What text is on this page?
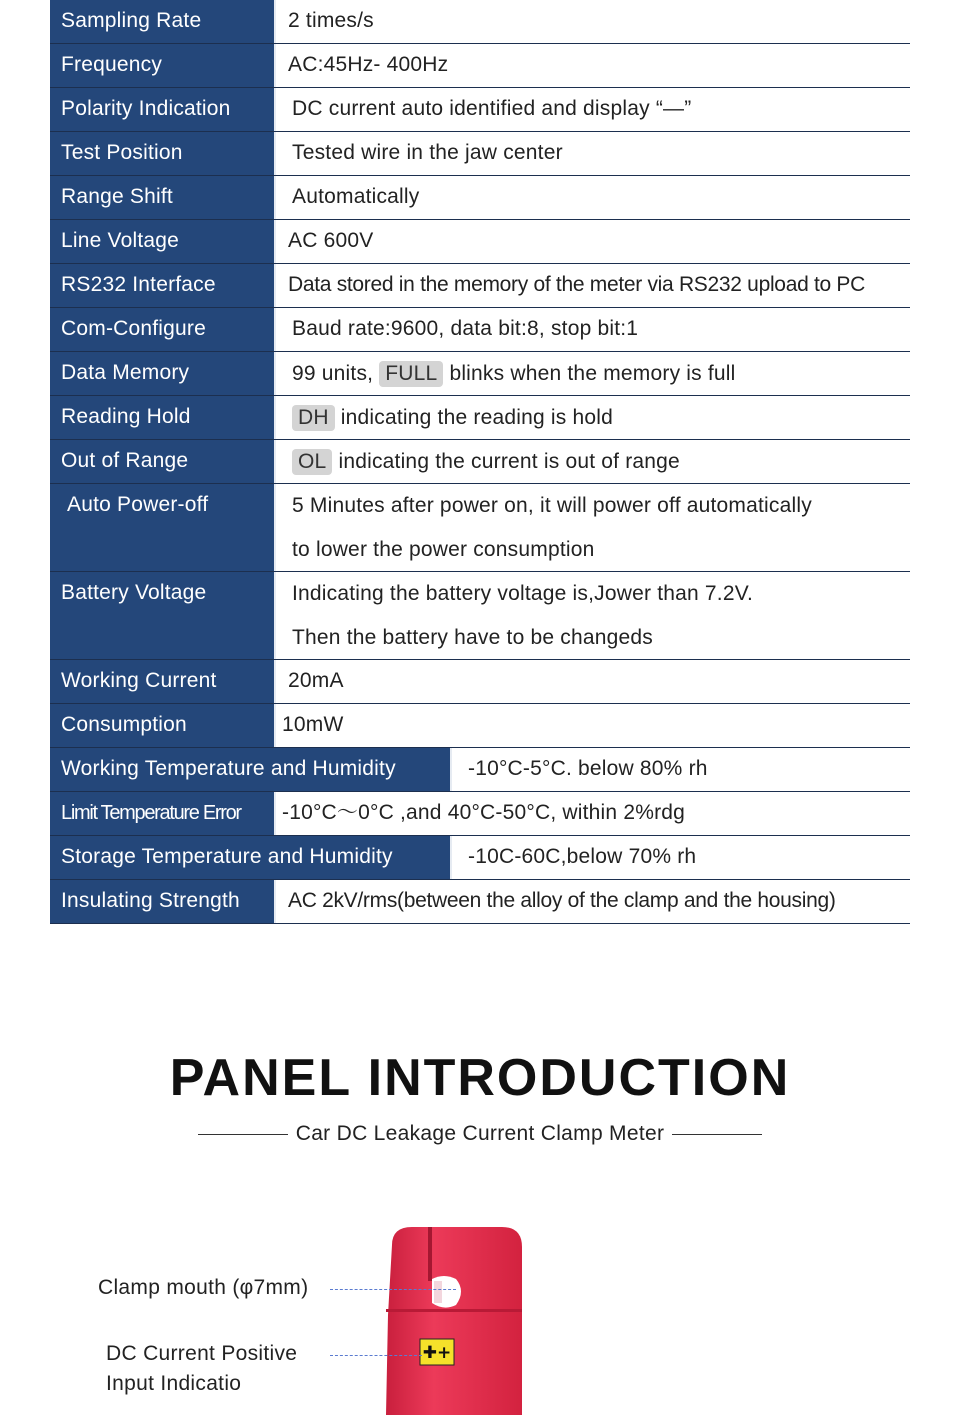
Sampling Rate	2 times/s
Frequency	AC:45Hz- 400Hz
Polarity Indication	DC current auto identified and display “—”
Test Position	Tested wire in the jaw center
Range Shift	Automatically
Line Voltage	AC 600V
RS232 Interface	Data stored in the memory of the meter via RS232 upload to PC
Com-Configure	Baud rate:9600, data bit:8, stop bit:1
Data Memory	99 units, FULL blinks when the memory is full
Reading Hold	DH indicating the reading is hold
Out of Range	OL indicating the current is out of range
Auto Power-off	5 Minutes after power on, it will power off automatically
to lower the power consumption
Battery Voltage	Indicating the battery voltage is,Jower than 7.2V.
Then the battery have to be changeds
Working Current	20mA
Consumption	10mW
Working Temperature and Humidity	-10°C-5°C. below 80% rh
Limit Temperature Error	-10°C～0°C ,and 40°C-50°C, within 2%rdg
Storage Temperature and Humidity	-10C-60C,below 70% rh
Insulating Strength	AC 2kV/rms(between the alloy of the clamp and the housing)
PANEL INTRODUCTION
Car DC Leakage Current Clamp Meter
✚+
Clamp mouth (φ7mm)
DC Current Positive
Input Indicatio
